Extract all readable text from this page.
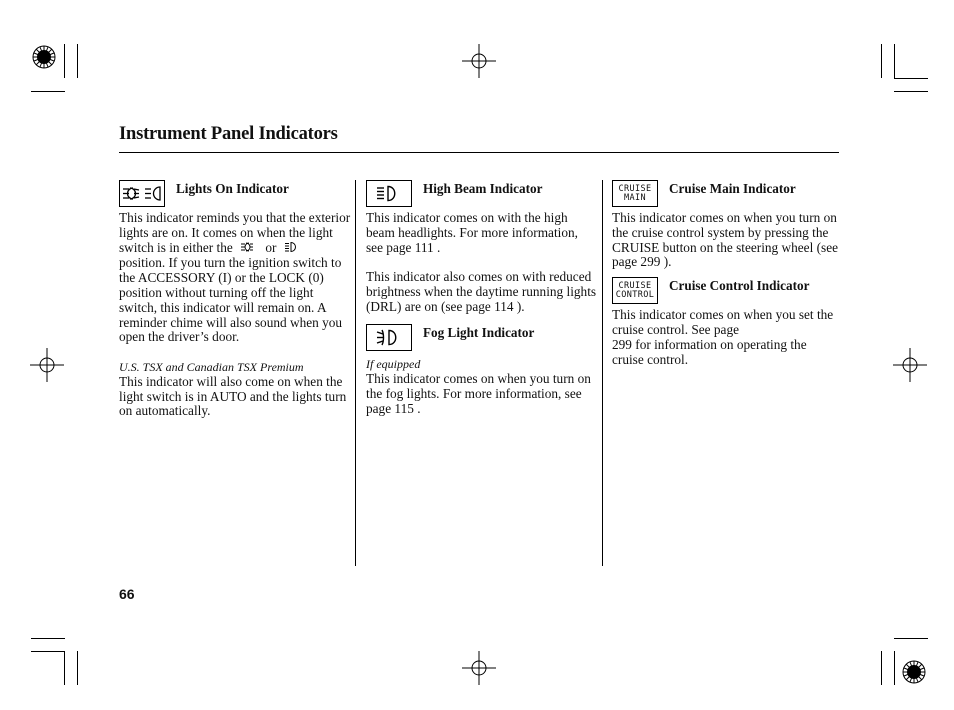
Instrument Panel Indicators
Lights On Indicator

This indicator reminds you that the exterior lights are on. It comes on when the light switch is in either the or  position. If you turn the ignition switch to the ACCESSORY (I) or the LOCK (0) position without turning off the light switch, this indicator will remain on. A reminder chime will also sound when you open the driver’s door.

U.S. TSX and Canadian TSX Premium

This indicator will also come on when the light switch is in AUTO and the lights turn on automatically.

High Beam Indicator

This indicator comes on with the high beam headlights. For more information, see page 111 .

This indicator also comes on with reduced brightness when the daytime running lights (DRL) are on (see page 114 ).

Fog Light Indicator

If equipped

This indicator comes on when you turn on the fog lights. For more information, see page 115 .

CRUISE
MAIN
Cruise Main Indicator

This indicator comes on when you turn on the cruise control system by pressing the CRUISE button on the steering wheel (see page 299 ).

CRUISE
CONTROL
Cruise Control Indicator

This indicator comes on when you set the cruise control. See page

299 for information on operating the cruise control.

66
